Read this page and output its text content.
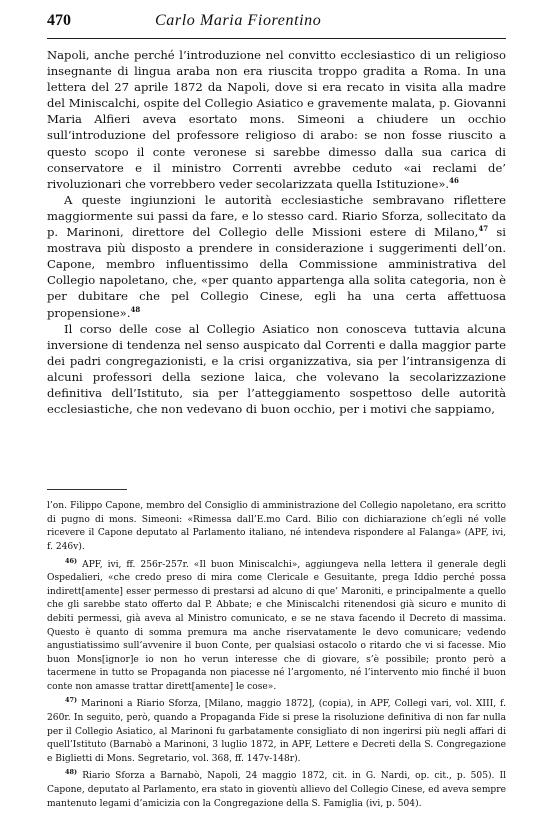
470	Carlo Maria Fiorentino

Napoli, anche perché l’introduzione nel convitto ecclesiastico di un religioso insegnante di lingua araba non era riuscita troppo gradita a Roma. In una lettera del 27 aprile 1872 da Napoli, dove si era recato in visita alla madre del Miniscalchi, ospite del Collegio Asiatico e gravemente malata, p. Giovanni Maria Alfieri aveva esortato mons. Simeoni a chiudere un occhio sull’introduzione del professore religioso di arabo: se non fosse riuscito a questo scopo il conte veronese si sarebbe dimesso dalla sua carica di conservatore e il ministro Correnti avrebbe ceduto «ai reclami de’ rivoluzionari che vorrebbero veder secolarizzata quella Istituzione».$^{46}$

A queste ingiunzioni le autorità ecclesiastiche sembravano riflettere maggiormente sui passi da fare, e lo stesso card. Riario Sforza, sollecitato da p. Marinoni, direttore del Collegio delle Missioni estere di Milano,$^{47}$ si mostrava più disposto a prendere in considerazione i suggerimenti dell’on. Capone, membro influentissimo della Commissione amministrativa del Collegio napoletano, che, «per quanto appartenga alla solita categoria, non è per dubitare che pel Collegio Cinese, egli ha una certa affettuosa propensione».$^{48}$

Il corso delle cose al Collegio Asiatico non conosceva tuttavia alcuna inversione di tendenza nel senso auspicato dal Correnti e dalla maggior parte dei padri congregazionisti, e la crisi organizzativa, sia per l’intransigenza di alcuni professori della sezione laica, che volevano la secolarizzazione definitiva dell’Istituto, sia per l’atteggiamento sospettoso delle autorità ecclesiastiche, che non vedevano di buon occhio, per i motivi che sappiamo,

l’on. Filippo Capone, membro del Consiglio di amministrazione del Collegio napoletano, era scritto di pugno di mons. Simeoni: «Rimessa dall’E.mo Card. Bilio con dichiarazione ch’egli né volle ricevere il Capone deputato al Parlamento italiano, né intendeva rispondere al Falanga» (APF, ivi, f. 246v).

$^{46)}$ APF, ivi, ff. 256r-257r. «Il buon Miniscalchi», aggiungeva nella lettera il generale degli Ospedalieri, «che credo preso di mira come Clericale e Gesuitante, prega Iddio perché possa indirett[amente] esser permesso di prestarsi ad alcuno di que’ Maroniti, e principalmente a quello che gli sarebbe stato offerto dal P. Abbate; e che Miniscalchi ritenendosi già sicuro e munito di debiti permessi, già aveva al Ministro comunicato, e se ne stava facendo il Decreto di massima. Questo è quanto di somma premura ma anche riservatamente le devo comunicare; vedendo angustiatissimo sull’avvenire il buon Conte, per qualsiasi ostacolo o ritardo che vi si facesse. Mio buon Mons[ignor]e io non ho verun interesse che di giovare, s’è possibile; pronto però a tacermene in tutto se Propaganda non piacesse né l’argomento, né l’intervento mio finché il buon conte non amasse trattar dirett[amente] le cose».

$^{47)}$ Marinoni a Riario Sforza, [Milano, maggio 1872], (copia), in APF, Collegi vari, vol. XIII, f. 260r. In seguito, però, quando a Propaganda Fide si prese la risoluzione definitiva di non far nulla per il Collegio Asiatico, al Marinoni fu garbatamente consigliato di non ingerirsi più negli affari di quell’Istituto (Barnabò a Marinoni, 3 luglio 1872, in APF, Lettere e Decreti della S. Congregazione e Biglietti di Mons. Segretario, vol. 368, ff. 147v-148r).

$^{48)}$ Riario Sforza a Barnabò, Napoli, 24 maggio 1872, cit. in G. Nardi, op. cit., p. 505). Il Capone, deputato al Parlamento, era stato in gioventù allievo del Collegio Cinese, ed aveva sempre mantenuto legami d’amicizia con la Congregazione della S. Famiglia (ivi, p. 504).
